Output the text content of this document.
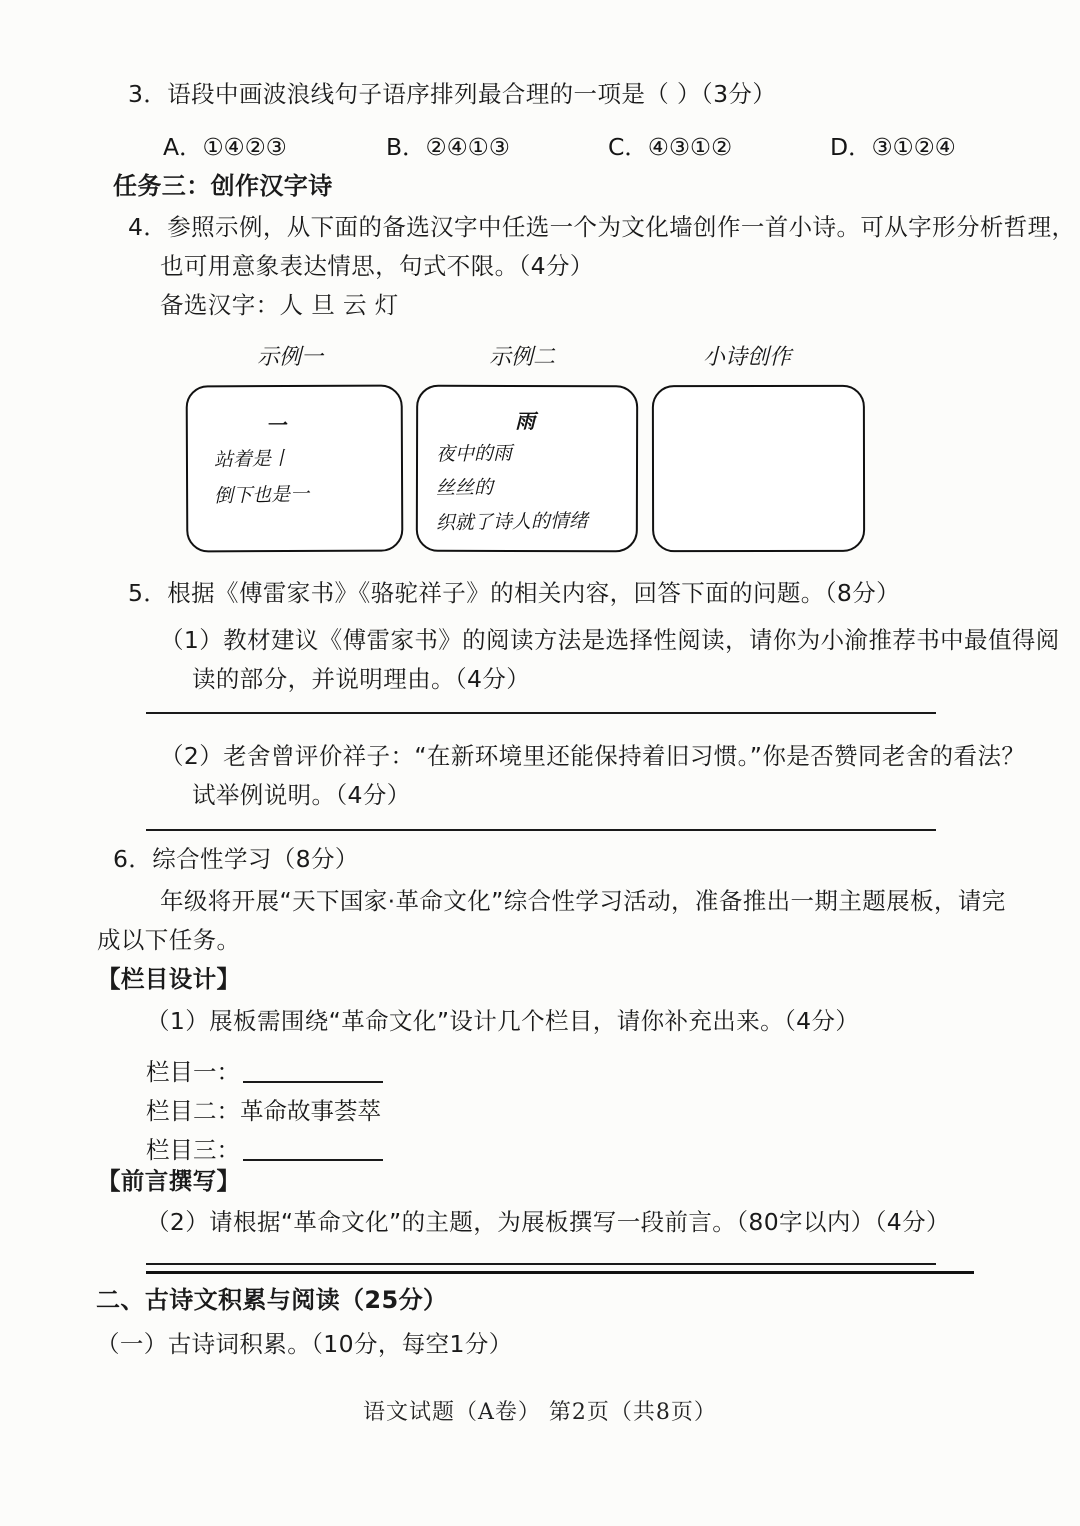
3．语段中画波浪线句子语序排列最合理的一项是（ ）（3分）
A．①④②③	B．②④①③	C．④③①②	D．③①②④
任务三：创作汉字诗
4．参照示例，从下面的备选汉字中任选一个为文化墙创作一首小诗。可从字形分析哲理，
也可用意象表达情思，句式不限。（4分）
备选汉字：人 旦 云 灯
示例一	示例二	小诗创作
一
站着是丨
倒下也是一
雨
夜中的雨
丝丝的
织就了诗人的情绪
5．根据《傅雷家书》《骆驼祥子》的相关内容，回答下面的问题。（8分）
（1）教材建议《傅雷家书》的阅读方法是选择性阅读，请你为小渝推荐书中最值得阅
读的部分，并说明理由。（4分）
（2）老舍曾评价祥子：“在新环境里还能保持着旧习惯。”你是否赞同老舍的看法？
试举例说明。（4分）
6．综合性学习（8分）
年级将开展“天下国家·革命文化”综合性学习活动，准备推出一期主题展板，请完
成以下任务。
【栏目设计】
（1）展板需围绕“革命文化”设计几个栏目，请你补充出来。（4分）
栏目一：
栏目二：革命故事荟萃
栏目三：
【前言撰写】
（2）请根据“革命文化”的主题，为展板撰写一段前言。（80字以内）（4分）
二、古诗文积累与阅读（25分）
（一）古诗词积累。（10分，每空1分）
语文试题（A卷） 第2页（共8页）
